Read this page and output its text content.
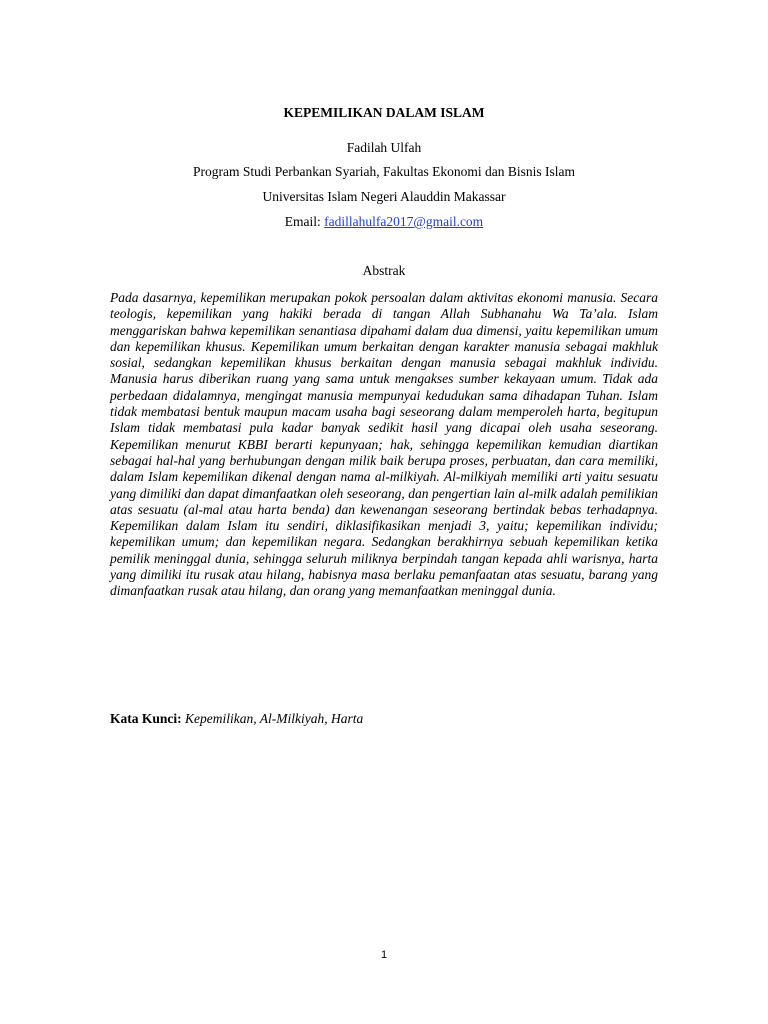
KEPEMILIKAN DALAM ISLAM
Fadilah Ulfah
Program Studi Perbankan Syariah, Fakultas Ekonomi dan Bisnis Islam
Universitas Islam Negeri Alauddin Makassar
Email: fadillahulfa2017@gmail.com
Abstrak
Pada dasarnya, kepemilikan merupakan pokok persoalan dalam aktivitas ekonomi manusia. Secara teologis, kepemilikan yang hakiki berada di tangan Allah Subhanahu Wa Ta’ala. Islam menggariskan bahwa kepemilikan senantiasa dipahami dalam dua dimensi, yaitu kepemilikan umum dan kepemilikan khusus. Kepemilikan umum berkaitan dengan karakter manusia sebagai makhluk sosial, sedangkan kepemilikan khusus berkaitan dengan manusia sebagai makhluk individu. Manusia harus diberikan ruang yang sama untuk mengakses sumber kekayaan umum. Tidak ada perbedaan didalamnya, mengingat manusia mempunyai kedudukan sama dihadapan Tuhan. Islam tidak membatasi bentuk maupun macam usaha bagi seseorang dalam memperoleh harta, begitupun Islam tidak membatasi pula kadar banyak sedikit hasil yang dicapai oleh usaha seseorang. Kepemilikan menurut KBBI berarti kepunyaan; hak, sehingga kepemilikan kemudian diartikan sebagai hal-hal yang berhubungan dengan milik baik berupa proses, perbuatan, dan cara memiliki, dalam Islam kepemilikan dikenal dengan nama al-milkiyah. Al-milkiyah memiliki arti yaitu sesuatu yang dimiliki dan dapat dimanfaatkan oleh seseorang, dan pengertian lain al-milk adalah pemilikian atas sesuatu (al-mal atau harta benda) dan kewenangan seseorang bertindak bebas terhadapnya. Kepemilikan dalam Islam itu sendiri, diklasifikasikan menjadi 3, yaitu; kepemilikan individu; kepemilikan umum; dan kepemilikan negara. Sedangkan berakhirnya sebuah kepemilikan ketika pemilik meninggal dunia, sehingga seluruh miliknya berpindah tangan kepada ahli warisnya, harta yang dimiliki itu rusak atau hilang, habisnya masa berlaku pemanfaatan atas sesuatu, barang yang dimanfaatkan rusak atau hilang, dan orang yang memanfaatkan meninggal dunia.
Kata Kunci: Kepemilikan, Al-Milkiyah, Harta
1
